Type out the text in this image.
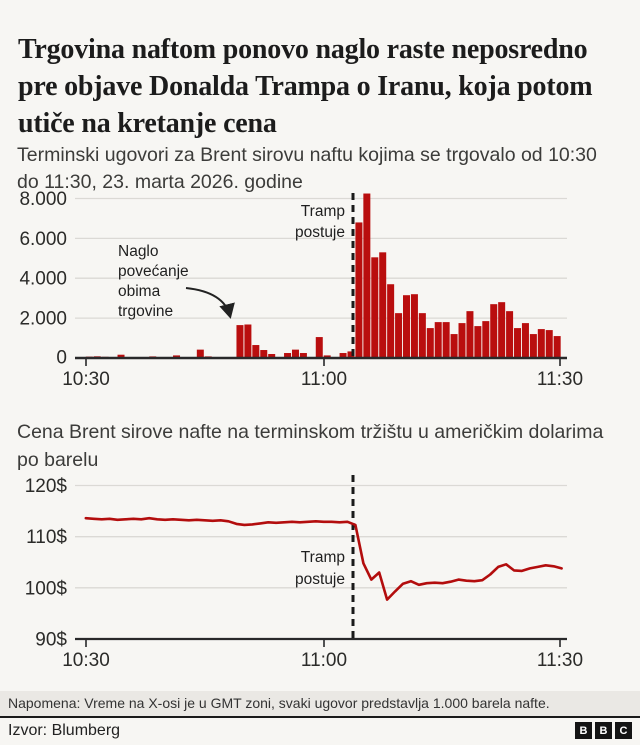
Trgovina naftom ponovo naglo raste neposredno pre objave Donalda Trampa o Iranu, koja potom utiče na kretanje cena

Terminski ugovori za Brent sirovu naftu kojima se trgovalo od 10:30 do 11:30, 23. marta 2026. godine

8.000
6.000
4.000
2.000
0
10:30	11:00	11:30
Tramp
postuje
Naglo
povećanje
obima
trgovine

Cena Brent sirove nafte na terminskom tržištu u američkim dolarima po barelu

120$
110$
100$
90$
10:30	11:00	11:30
Tramp
postuje
Napomena: Vreme na X-osi je u GMT zoni, svaki ugovor predstavlja 1.000 barela nafte.
Izvor: Blumberg	B	B	C
